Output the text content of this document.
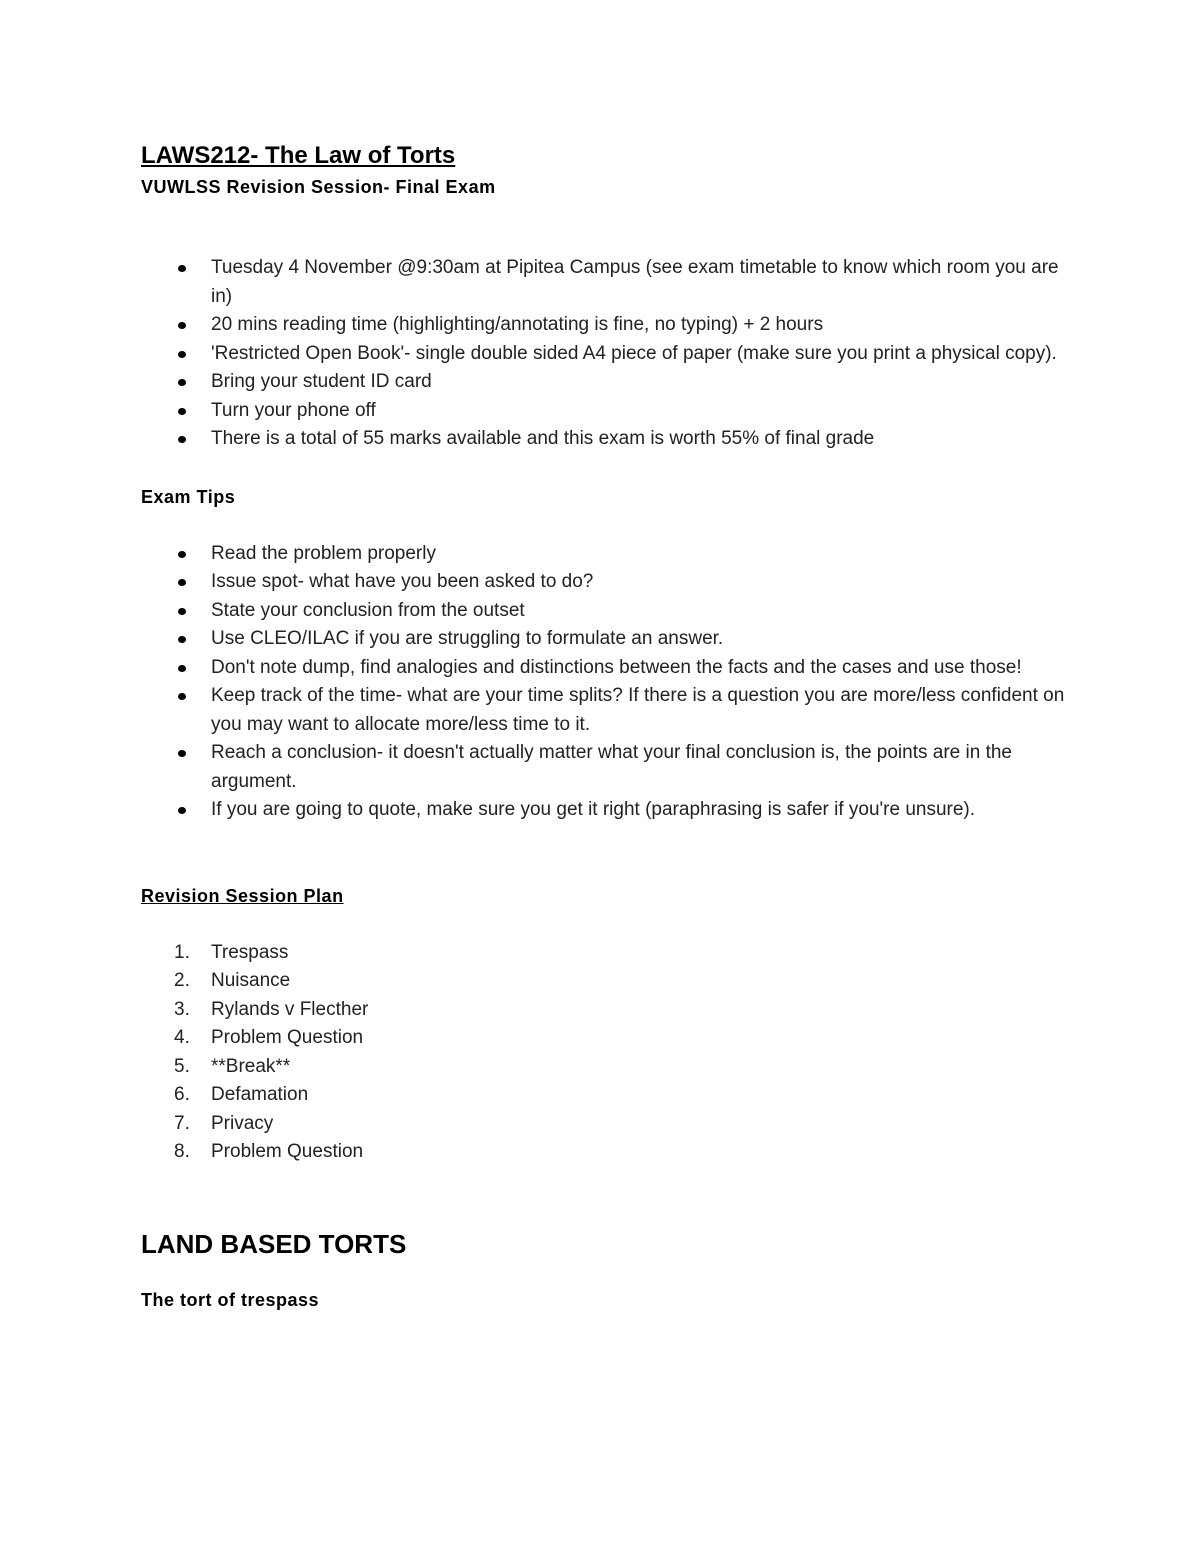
LAWS212- The Law of Torts

VUWLSS Revision Session- Final Exam

Tuesday 4 November @9:30am at Pipitea Campus (see exam timetable to know which room you are in)
20 mins reading time (highlighting/annotating is fine, no typing) + 2 hours
'Restricted Open Book'- single double sided A4 piece of paper (make sure you print a physical copy).
Bring your student ID card
Turn your phone off
There is a total of 55 marks available and this exam is worth 55% of final grade

Exam Tips

Read the problem properly
Issue spot- what have you been asked to do?
State your conclusion from the outset
Use CLEO/ILAC if you are struggling to formulate an answer.
Don't note dump, find analogies and distinctions between the facts and the cases and use those!
Keep track of the time- what are your time splits? If there is a question you are more/less confident on you may want to allocate more/less time to it.
Reach a conclusion- it doesn't actually matter what your final conclusion is, the points are in the argument.
If you are going to quote, make sure you get it right (paraphrasing is safer if you're unsure).

Revision Session Plan

1.	Trespass
2.	Nuisance
3.	Rylands v Flecther
4.	Problem Question
5.	**Break**
6.	Defamation
7.	Privacy
8.	Problem Question
LAND BASED TORTS

The tort of trespass
